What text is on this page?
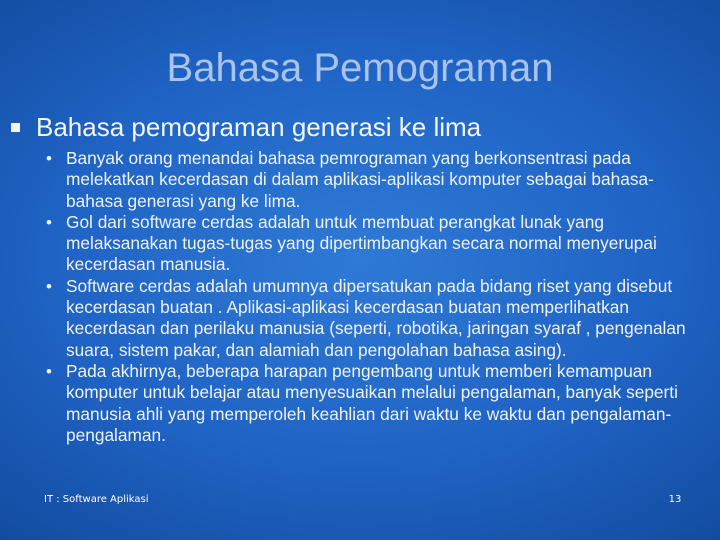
Bahasa Pemograman
Bahasa pemograman generasi ke lima
• Banyak orang menandai bahasa pemrograman yang berkonsentrasi pada melekatkan kecerdasan di dalam aplikasi-aplikasi komputer sebagai bahasa-bahasa generasi yang ke lima.
• Gol dari software cerdas adalah untuk membuat perangkat lunak yang melaksanakan tugas-tugas yang dipertimbangkan secara normal menyerupai kecerdasan manusia.
• Software cerdas adalah umumnya dipersatukan pada bidang riset yang disebut kecerdasan buatan . Aplikasi-aplikasi kecerdasan buatan memperlihatkan kecerdasan dan perilaku manusia (seperti, robotika, jaringan syaraf , pengenalan suara, sistem pakar, dan alamiah dan pengolahan bahasa asing).
• Pada akhirnya, beberapa harapan pengembang untuk memberi kemampuan komputer untuk belajar atau menyesuaikan melalui pengalaman, banyak seperti manusia ahli yang memperoleh keahlian dari waktu ke waktu dan pengalaman-pengalaman.
IT : Software Aplikasi	13
